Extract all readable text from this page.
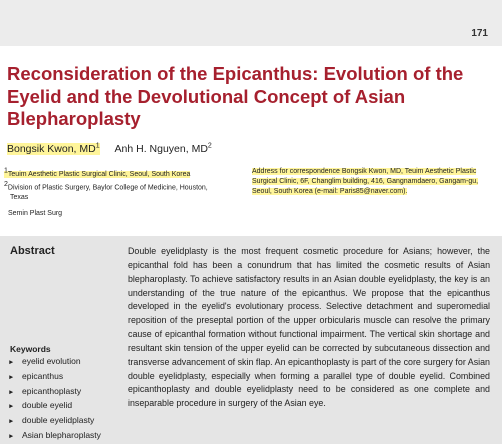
171
Reconsideration of the Epicanthus: Evolution of the Eyelid and the Devolutional Concept of Asian Blepharoplasty
Bongsik Kwon, $MD^1$ Anh H. Nguyen, $MD^2$
$^1$Teuim Aesthetic Plastic Surgical Clinic, Seoul, South Korea
$^2$Division of Plastic Surgery, Baylor College of Medicine, Houston,
Texas
Address for correspondence Bongsik Kwon, MD, Teuim Aesthetic Plastic Surgical Clinic, 6F, Changlim building, 416, Gangnamdaero, Gangam-gu, Seoul, South Korea (e-mail: Paris85@naver.com).
Semin Plast Surg
Abstract	Double eyelidplasty is the most frequent cosmetic procedure for Asians; however, the epicanthal fold has been a conundrum that has limited the cosmetic results of Asian blepharoplasty. To achieve satisfactory results in an Asian double eyelidplasty, the key is an understanding of the true nature of the epicanthus. We propose that the epicanthus developed in the eyelid's evolutionary process. Selective detachment and superomedial reposition of the preseptal portion of the upper orbicularis muscle can resolve the primary cause of epicanthal formation without functional impairment. The vertical skin shortage and resultant skin tension of the upper eyelid can be corrected by subcutaneous dissection and transverse advancement of skin flap. An epicanthoplasty is part of the core surgery for Asian double eyelidplasty, especially when forming a parallel type of double eyelid. Combined epicanthoplasty and double eyelidplasty need to be considered as one complete and inseparable procedure in surgery of the Asian eye.

Keywords
► eyelid evolution
► epicanthus
► epicanthoplasty
► double eyelid
► double eyelidplasty
► Asian blepharoplasty
